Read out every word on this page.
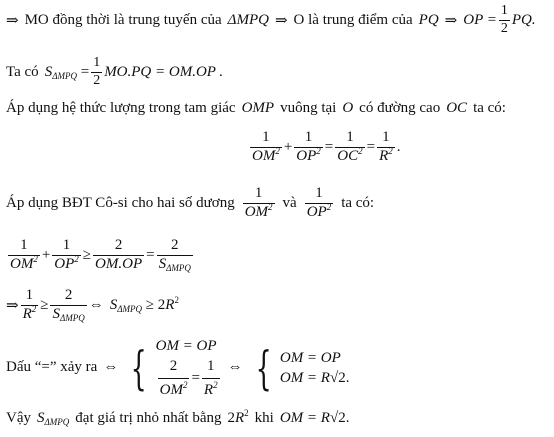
⇒ MO đồng thời là trung tuyến của ΔMPQ ⇒ O là trung điểm của PQ ⇒ OP = $\frac{1}{2}$ PQ.
Ta có $S_{\Delta MPQ} = \frac{1}{2} MO.PQ = OM.OP$ .
Áp dụng hệ thức lượng trong tam giác OMP vuông tại O có đường cao OC ta có:
$\frac{1}{OM^2} + \frac{1}{OP^2} = \frac{1}{OC^2} = \frac{1}{R^2}$ .
Áp dụng BĐT Cô-si cho hai số dương $\frac{1}{OM^2}$ và $\frac{1}{OP^2}$ ta có:
$\frac{1}{OM^2} + \frac{1}{OP^2} \ge \frac{2}{OM.OP} = \frac{2}{S_{\Delta MPQ}}$
⇒ $\frac{1}{R^2} \ge \frac{2}{S_{\Delta MPQ}}$ ⇔ $S_{\Delta MPQ} \ge 2R^2$
Dấu “=” xảy ra ⇔ { OM = OP
$\frac{2}{OM^2} = \frac{1}{R^2}$ ⇔ { OM = OP
OM = R√2.
Vậy $S_{\Delta MPQ}$ đạt giá trị nhỏ nhất bằng $2R^2$ khi OM = R √2 .
